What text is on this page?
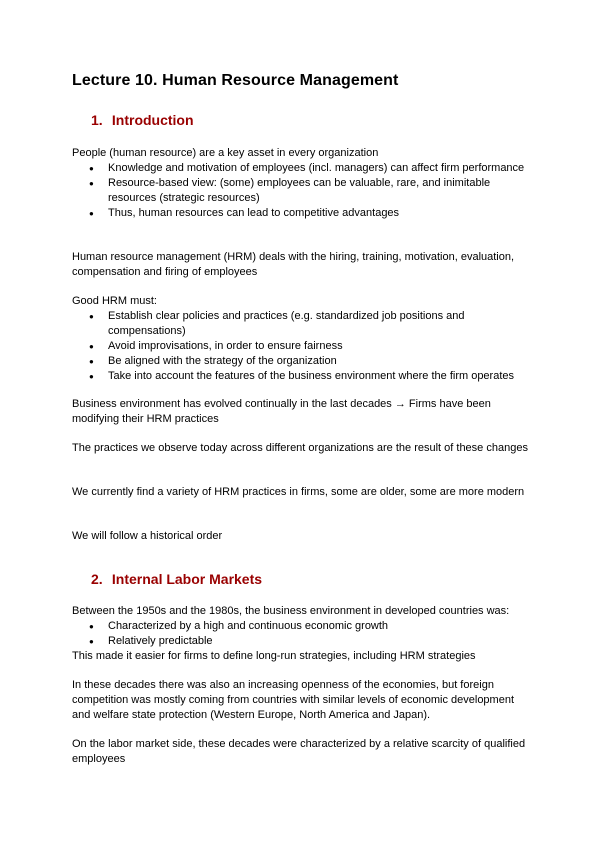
Lecture 10. Human Resource Management
1. Introduction

People (human resource) are a key asset in every organization

● Knowledge and motivation of employees (incl. managers) can affect firm performance
● Resource-based view: (some) employees can be valuable, rare, and inimitable resources (strategic resources)
● Thus, human resources can lead to competitive advantages

Human resource management (HRM) deals with the hiring, training, motivation, evaluation, compensation and firing of employees

Good HRM must:

● Establish clear policies and practices (e.g. standardized job positions and compensations)
● Avoid improvisations, in order to ensure fairness
● Be aligned with the strategy of the organization
● Take into account the features of the business environment where the firm operates

Business environment has evolved continually in the last decades → Firms have been modifying their HRM practices

The practices we observe today across different organizations are the result of these changes

We currently find a variety of HRM practices in firms, some are older, some are more modern

We will follow a historical order

2. Internal Labor Markets

Between the 1950s and the 1980s, the business environment in developed countries was:

● Characterized by a high and continuous economic growth
● Relatively predictable

This made it easier for firms to define long-run strategies, including HRM strategies

In these decades there was also an increasing openness of the economies, but foreign competition was mostly coming from countries with similar levels of economic development and welfare state protection (Western Europe, North America and Japan).

On the labor market side, these decades were characterized by a relative scarcity of qualified employees
